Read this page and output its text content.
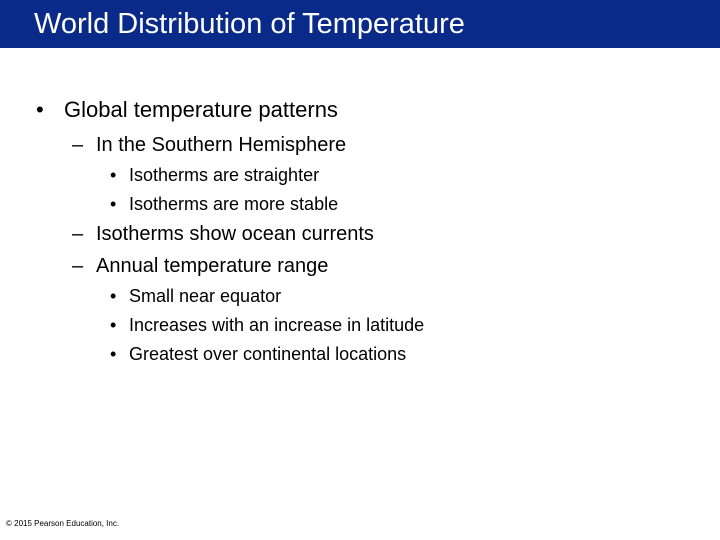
World Distribution of Temperature
• Global temperature patterns
– In the Southern Hemisphere
• Isotherms are straighter
• Isotherms are more stable
– Isotherms show ocean currents
– Annual temperature range
• Small near equator
• Increases with an increase in latitude
• Greatest over continental locations
© 2015 Pearson Education, Inc.
